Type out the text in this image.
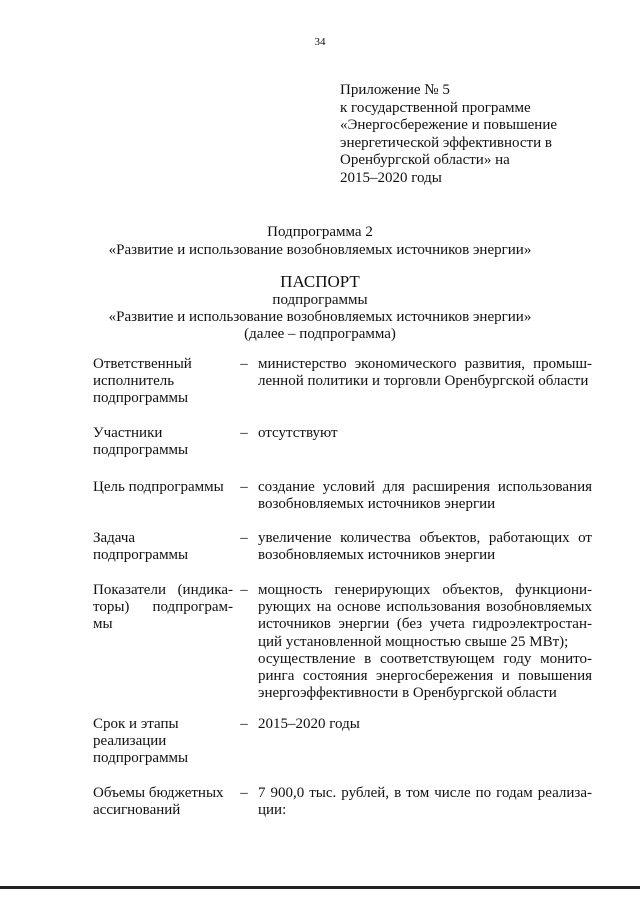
34
Приложение № 5
к государственной программе
«Энергосбережение и повышение
энергетической эффективности в
Оренбургской области» на
2015–2020 годы
Подпрограмма 2
«Развитие и использование возобновляемых источников энергии»
ПАСПОРТ
подпрограммы
«Развитие и использование возобновляемых источников энергии»
(далее – подпрограмма)
Ответственный
исполнитель
подпрограммы
– министерство экономического развития, промыш-
ленной политики и торговли Оренбургской области
Участники
подпрограммы
– отсутствуют
Цель подпрограммы	– создание условий для расширения использования
возобновляемых источников энергии
Задача
подпрограммы
– увеличение количества объектов, работающих от
возобновляемых источников энергии
Показатели (индика-
торы) подпрограм-
мы
– мощность генерирующих объектов, функциони-
рующих на основе использования возобновляемых
источников энергии (без учета гидроэлектростан-
ций установленной мощностью свыше 25 МВт);
осуществление в соответствующем году монито-
ринга состояния энергосбережения и повышения
энергоэффективности в Оренбургской области
Срок и этапы
реализации
подпрограммы
– 2015–2020 годы
Объемы бюджетных
ассигнований
– 7 900,0 тыс. рублей, в том числе по годам реализа-
ции:
